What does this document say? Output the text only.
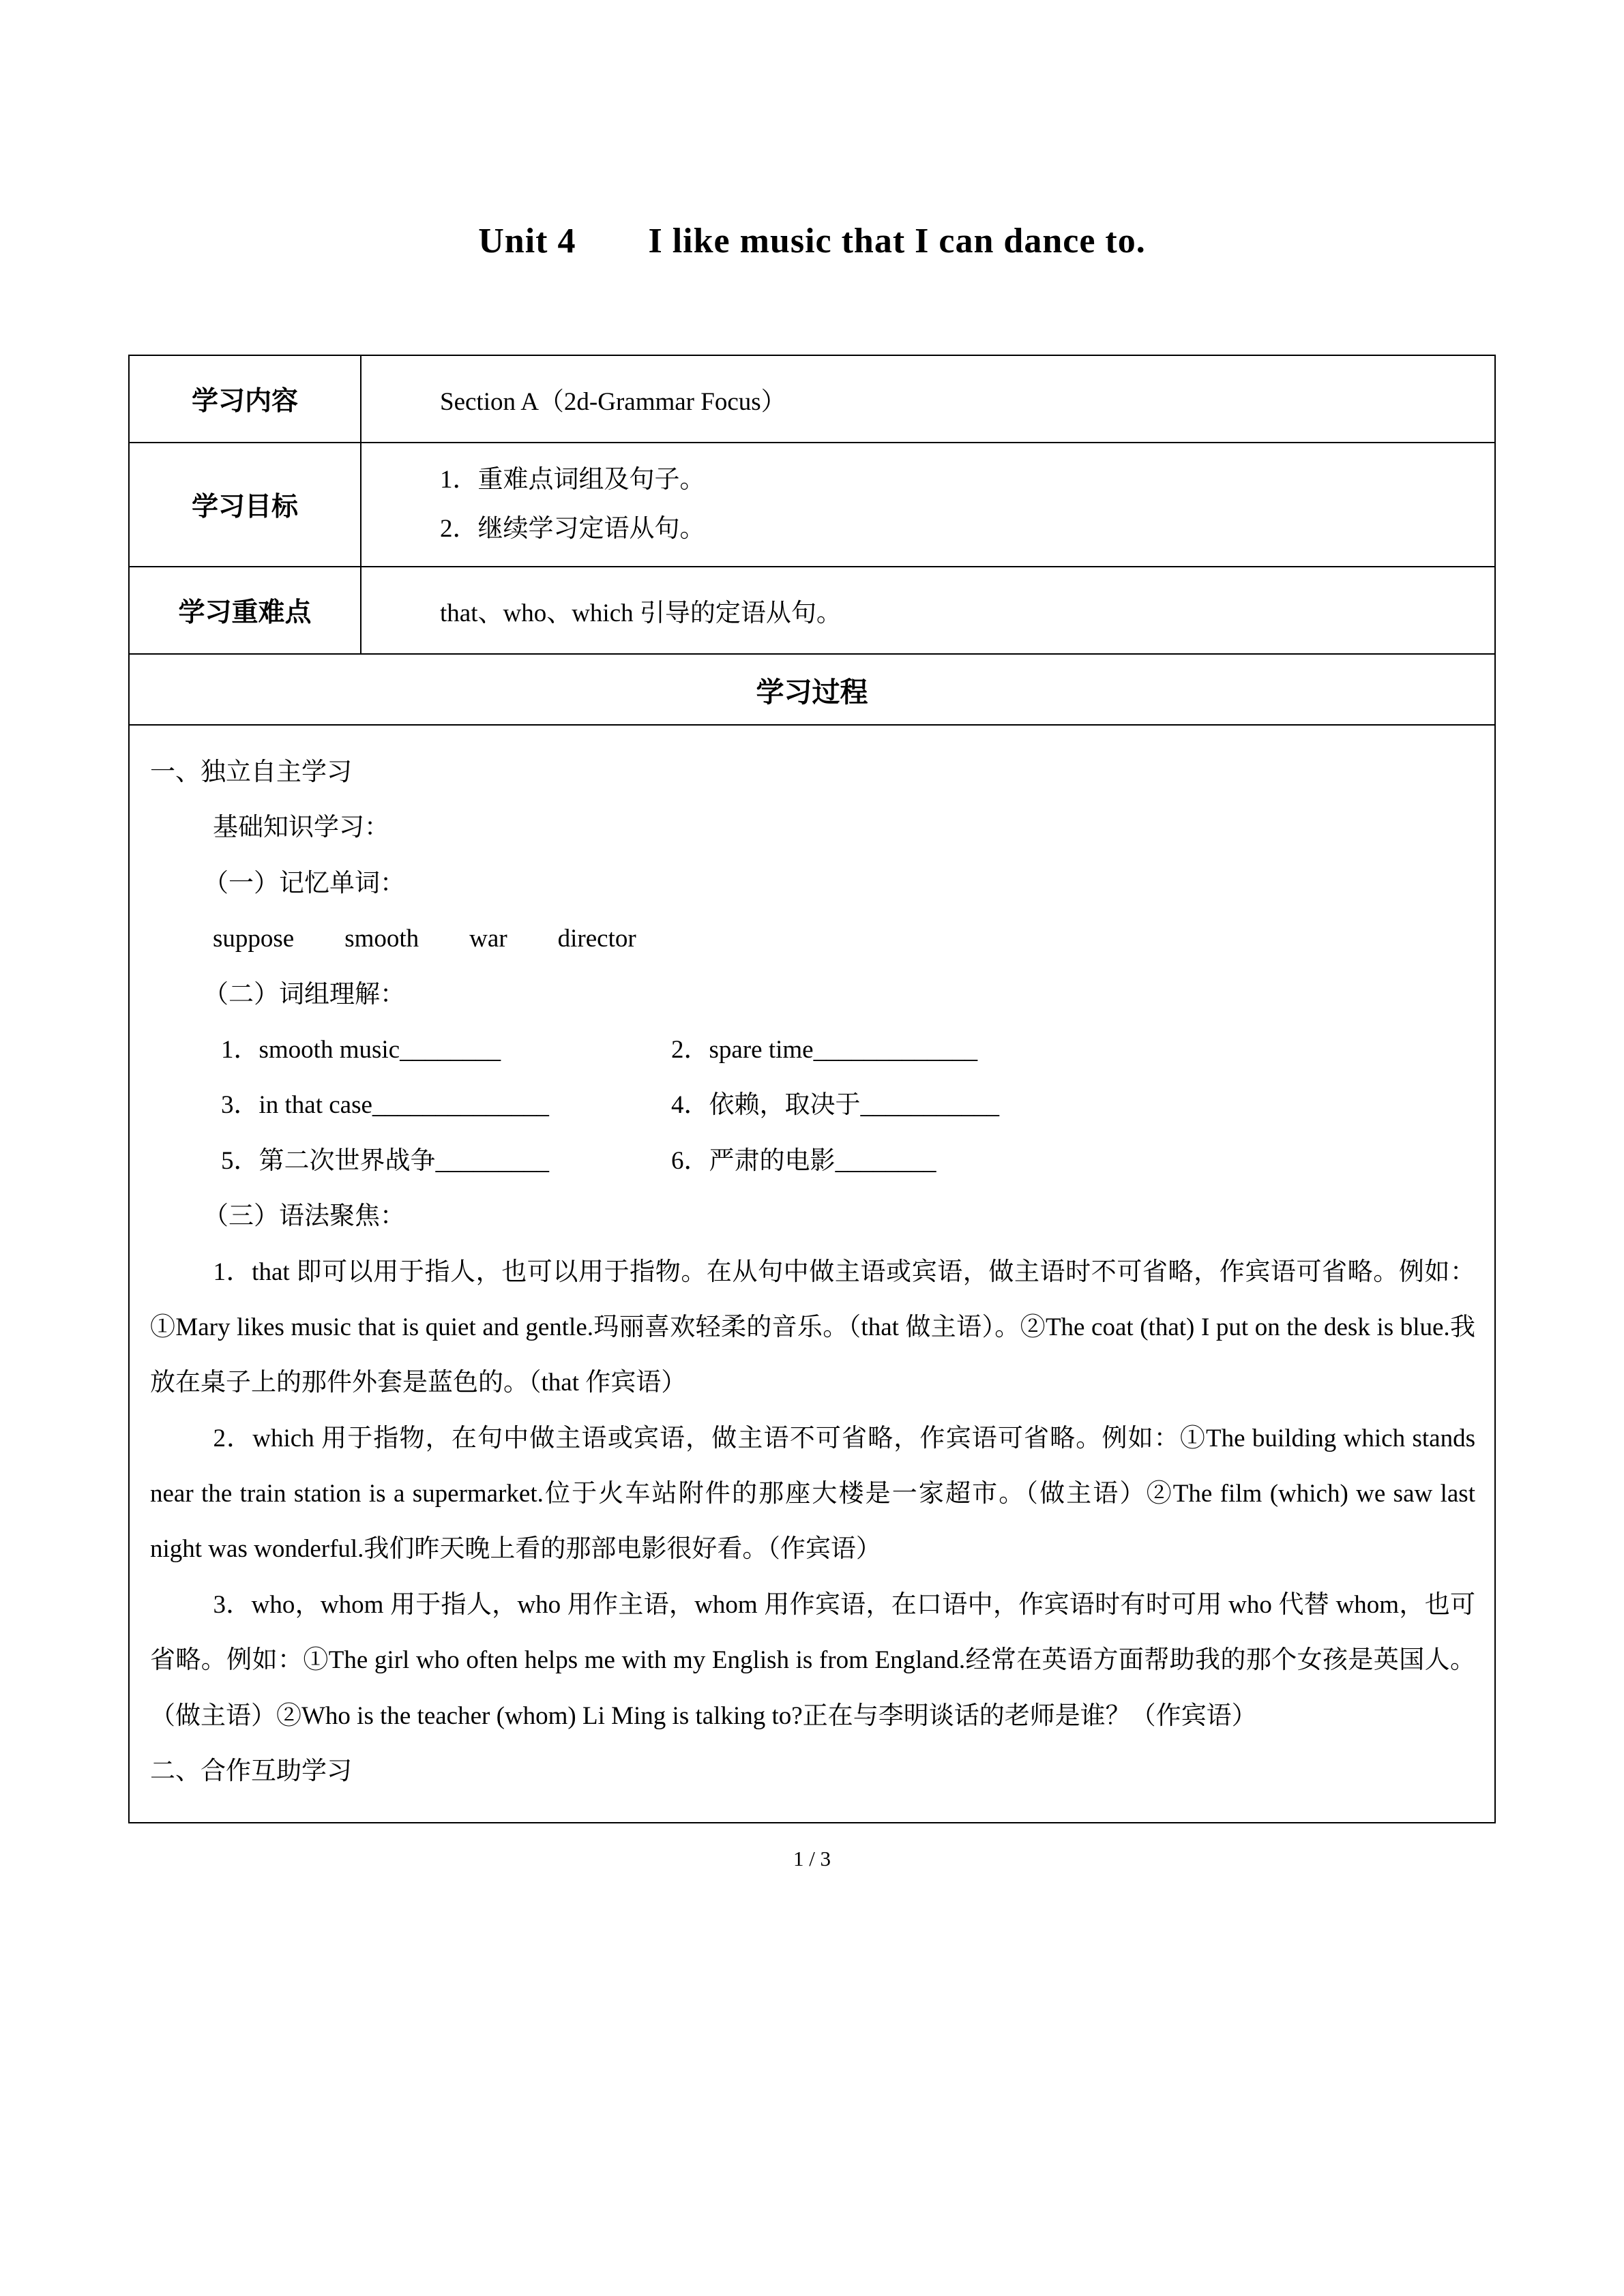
Unit 4　　I like music that I can dance to.
学习内容	Section A（2d-Grammar Focus）
学习目标	1．重难点词组及句子。
2．继续学习定语从句。

学习重难点	that、who、which 引导的定语从句。
学习过程	

一、独立自主学习
基础知识学习：
（一）记忆单词：
suppose　　smooth　　war　　director
（二）词组理解：
1．smooth music________	2．spare time_____________
3．in that case______________	4．依赖，取决于___________
5．第二次世界战争_________	6．严肃的电影________
（三）语法聚焦：

1．that 即可以用于指人，也可以用于指物。在从句中做主语或宾语，做主语时不可省略，作宾语可省略。例如：①Mary likes music that is quiet and gentle.玛丽喜欢轻柔的音乐。（that 做主语）。②The coat (that) I put on the desk is blue.我放在桌子上的那件外套是蓝色的。（that 作宾语）

2．which 用于指物，在句中做主语或宾语，做主语不可省略，作宾语可省略。例如：①The building which stands near the train station is a supermarket.位于火车站附件的那座大楼是一家超市。（做主语）②The film (which) we saw last night was wonderful.我们昨天晚上看的那部电影很好看。（作宾语）

3．who，whom 用于指人，who 用作主语，whom 用作宾语，在口语中，作宾语时有时可用 who 代替 whom，也可省略。例如：①The girl who often helps me with my English is from England.经常在英语方面帮助我的那个女孩是英国人。（做主语）②Who is the teacher (whom) Li Ming is talking to?正在与李明谈话的老师是谁？（作宾语）

二、合作互助学习
1 / 3
